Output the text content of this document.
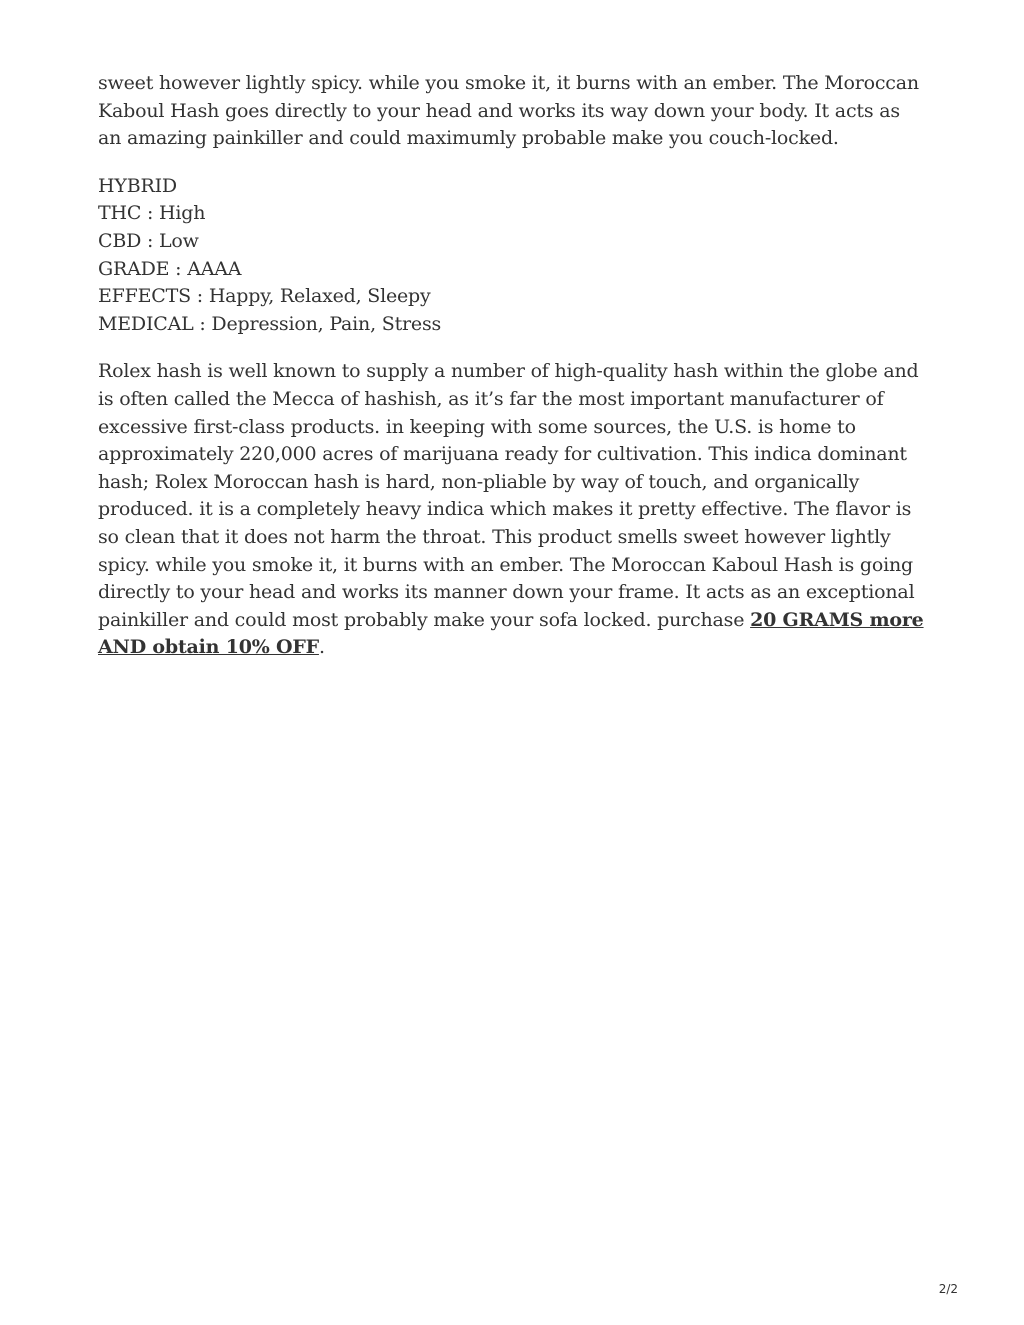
sweet however lightly spicy. while you smoke it, it burns with an ember. The Moroccan Kaboul Hash goes directly to your head and works its way down your body. It acts as an amazing painkiller and could maximumly probable make you couch-locked.

HYBRID
THC : High
CBD : Low
GRADE : AAAA
EFFECTS : Happy, Relaxed, Sleepy
MEDICAL : Depression, Pain, Stress

Rolex hash is well known to supply a number of high-quality hash within the globe and is often called the Mecca of hashish, as it’s far the most important manufacturer of excessive first-class products. in keeping with some sources, the U.S. is home to approximately 220,000 acres of marijuana ready for cultivation. This indica dominant hash; Rolex Moroccan hash is hard, non-pliable by way of touch, and organically produced. it is a completely heavy indica which makes it pretty effective. The flavor is so clean that it does not harm the throat. This product smells sweet however lightly spicy. while you smoke it, it burns with an ember. The Moroccan Kaboul Hash is going directly to your head and works its manner down your frame. It acts as an exceptional painkiller and could most probably make your sofa locked. purchase 20 GRAMS more AND obtain 10% OFF.

2/2
